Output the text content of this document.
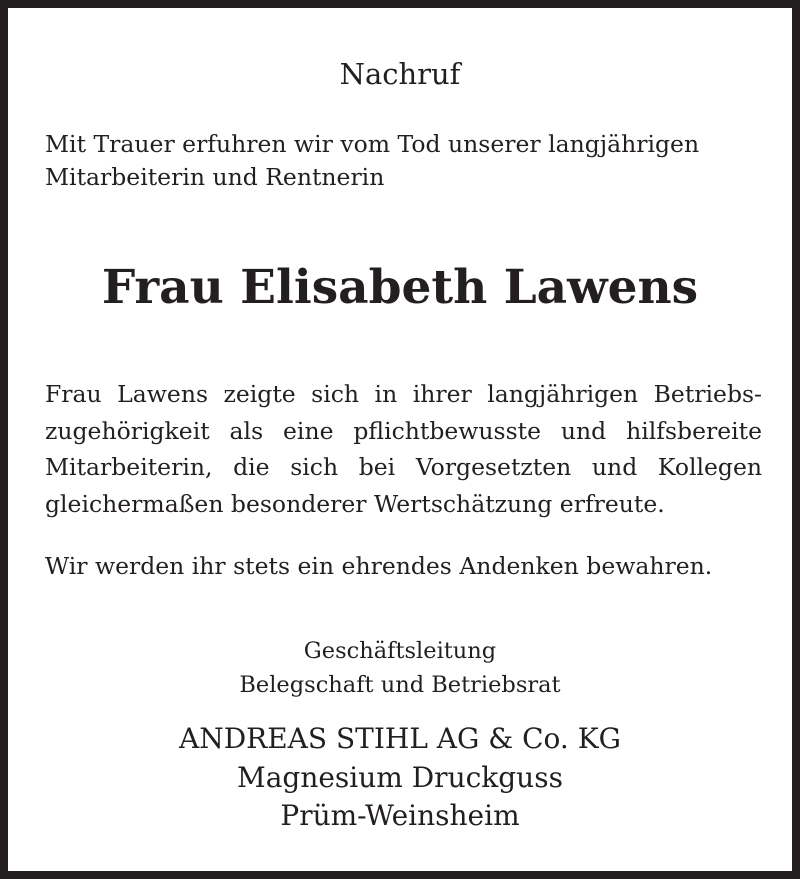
Nachruf
Mit Trauer erfuhren wir vom Tod unserer langjährigen
Mitarbeiterin und Rentnerin
Frau Elisabeth Lawens
Frau Lawens zeigte sich in ihrer langjährigen Betriebs-
zugehörigkeit als eine pflichtbewusste und hilfsbereite
Mitarbeiterin, die sich bei Vorgesetzten und Kollegen
gleichermaßen besonderer Wertschätzung erfreute.
Wir werden ihr stets ein ehrendes Andenken bewahren.
Geschäftsleitung
Belegschaft und Betriebsrat
ANDREAS STIHL AG & Co. KG
Magnesium Druckguss
Prüm-Weinsheim
